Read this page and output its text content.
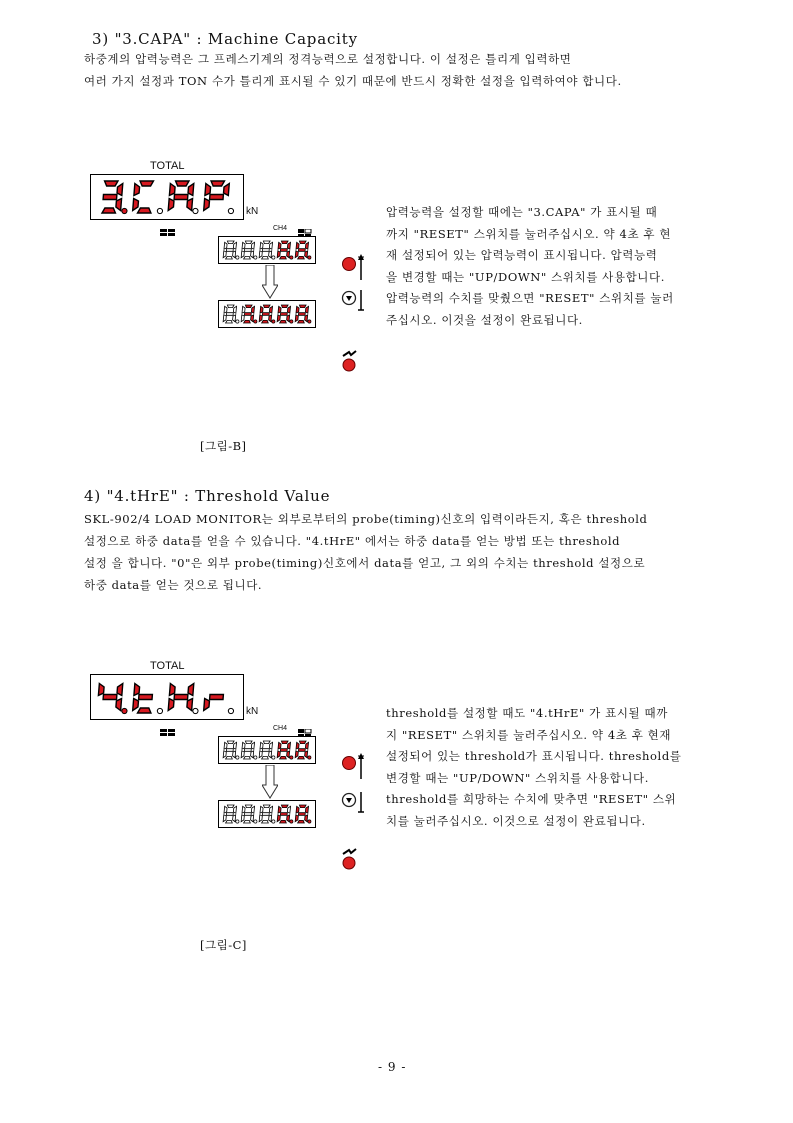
3) "3.CAPA" : Machine Capacity
하중계의 압력능력은 그 프레스기계의 정격능력으로 설정합니다. 이 설정은 틀리게 입력하면
여러 가지 설정과 TON 수가 틀리게 표시될 수 있기 때문에 반드시 정확한 설정을 입력하여야 합니다.
TOTAL
kN
CH4
압력능력을 설정할 때에는 "3.CAPA" 가 표시될 때
까지 "RESET" 스위치를 눌러주십시오. 약 4초 후 현
재 설정되어 있는 압력능력이 표시됩니다. 압력능력
을 변경할 때는 "UP/DOWN" 스위치를 사용합니다.
압력능력의 수치를 맞췄으면 "RESET" 스위치를 눌러
주십시오. 이것을 설정이 완료됩니다.
[그림-B]
4) "4.tHrE" : Threshold Value
SKL-902/4 LOAD MONITOR는 외부로부터의 probe(timing)신호의 입력이라든지, 혹은 threshold
설정으로 하중 data를 얻을 수 있습니다. "4.tHrE" 에서는 하중 data를 얻는 방법 또는 threshold
설정 을 합니다. "0"은 외부 probe(timing)신호에서 data를 얻고, 그 외의 수치는 threshold 설정으로
하중 data를 얻는 것으로 됩니다.
TOTAL
kN
CH4
threshold를 설정할 때도 "4.tHrE" 가 표시될 때까
지 "RESET" 스위치를 눌러주십시오. 약 4초 후 현재
설정되어 있는 threshold가 표시됩니다. threshold를
변경할 때는 "UP/DOWN" 스위치를 사용합니다.
threshold를 희망하는 수치에 맞추면 "RESET" 스위
치를 눌러주십시오. 이것으로 설정이 완료됩니다.
[그림-C]
- 9 -
